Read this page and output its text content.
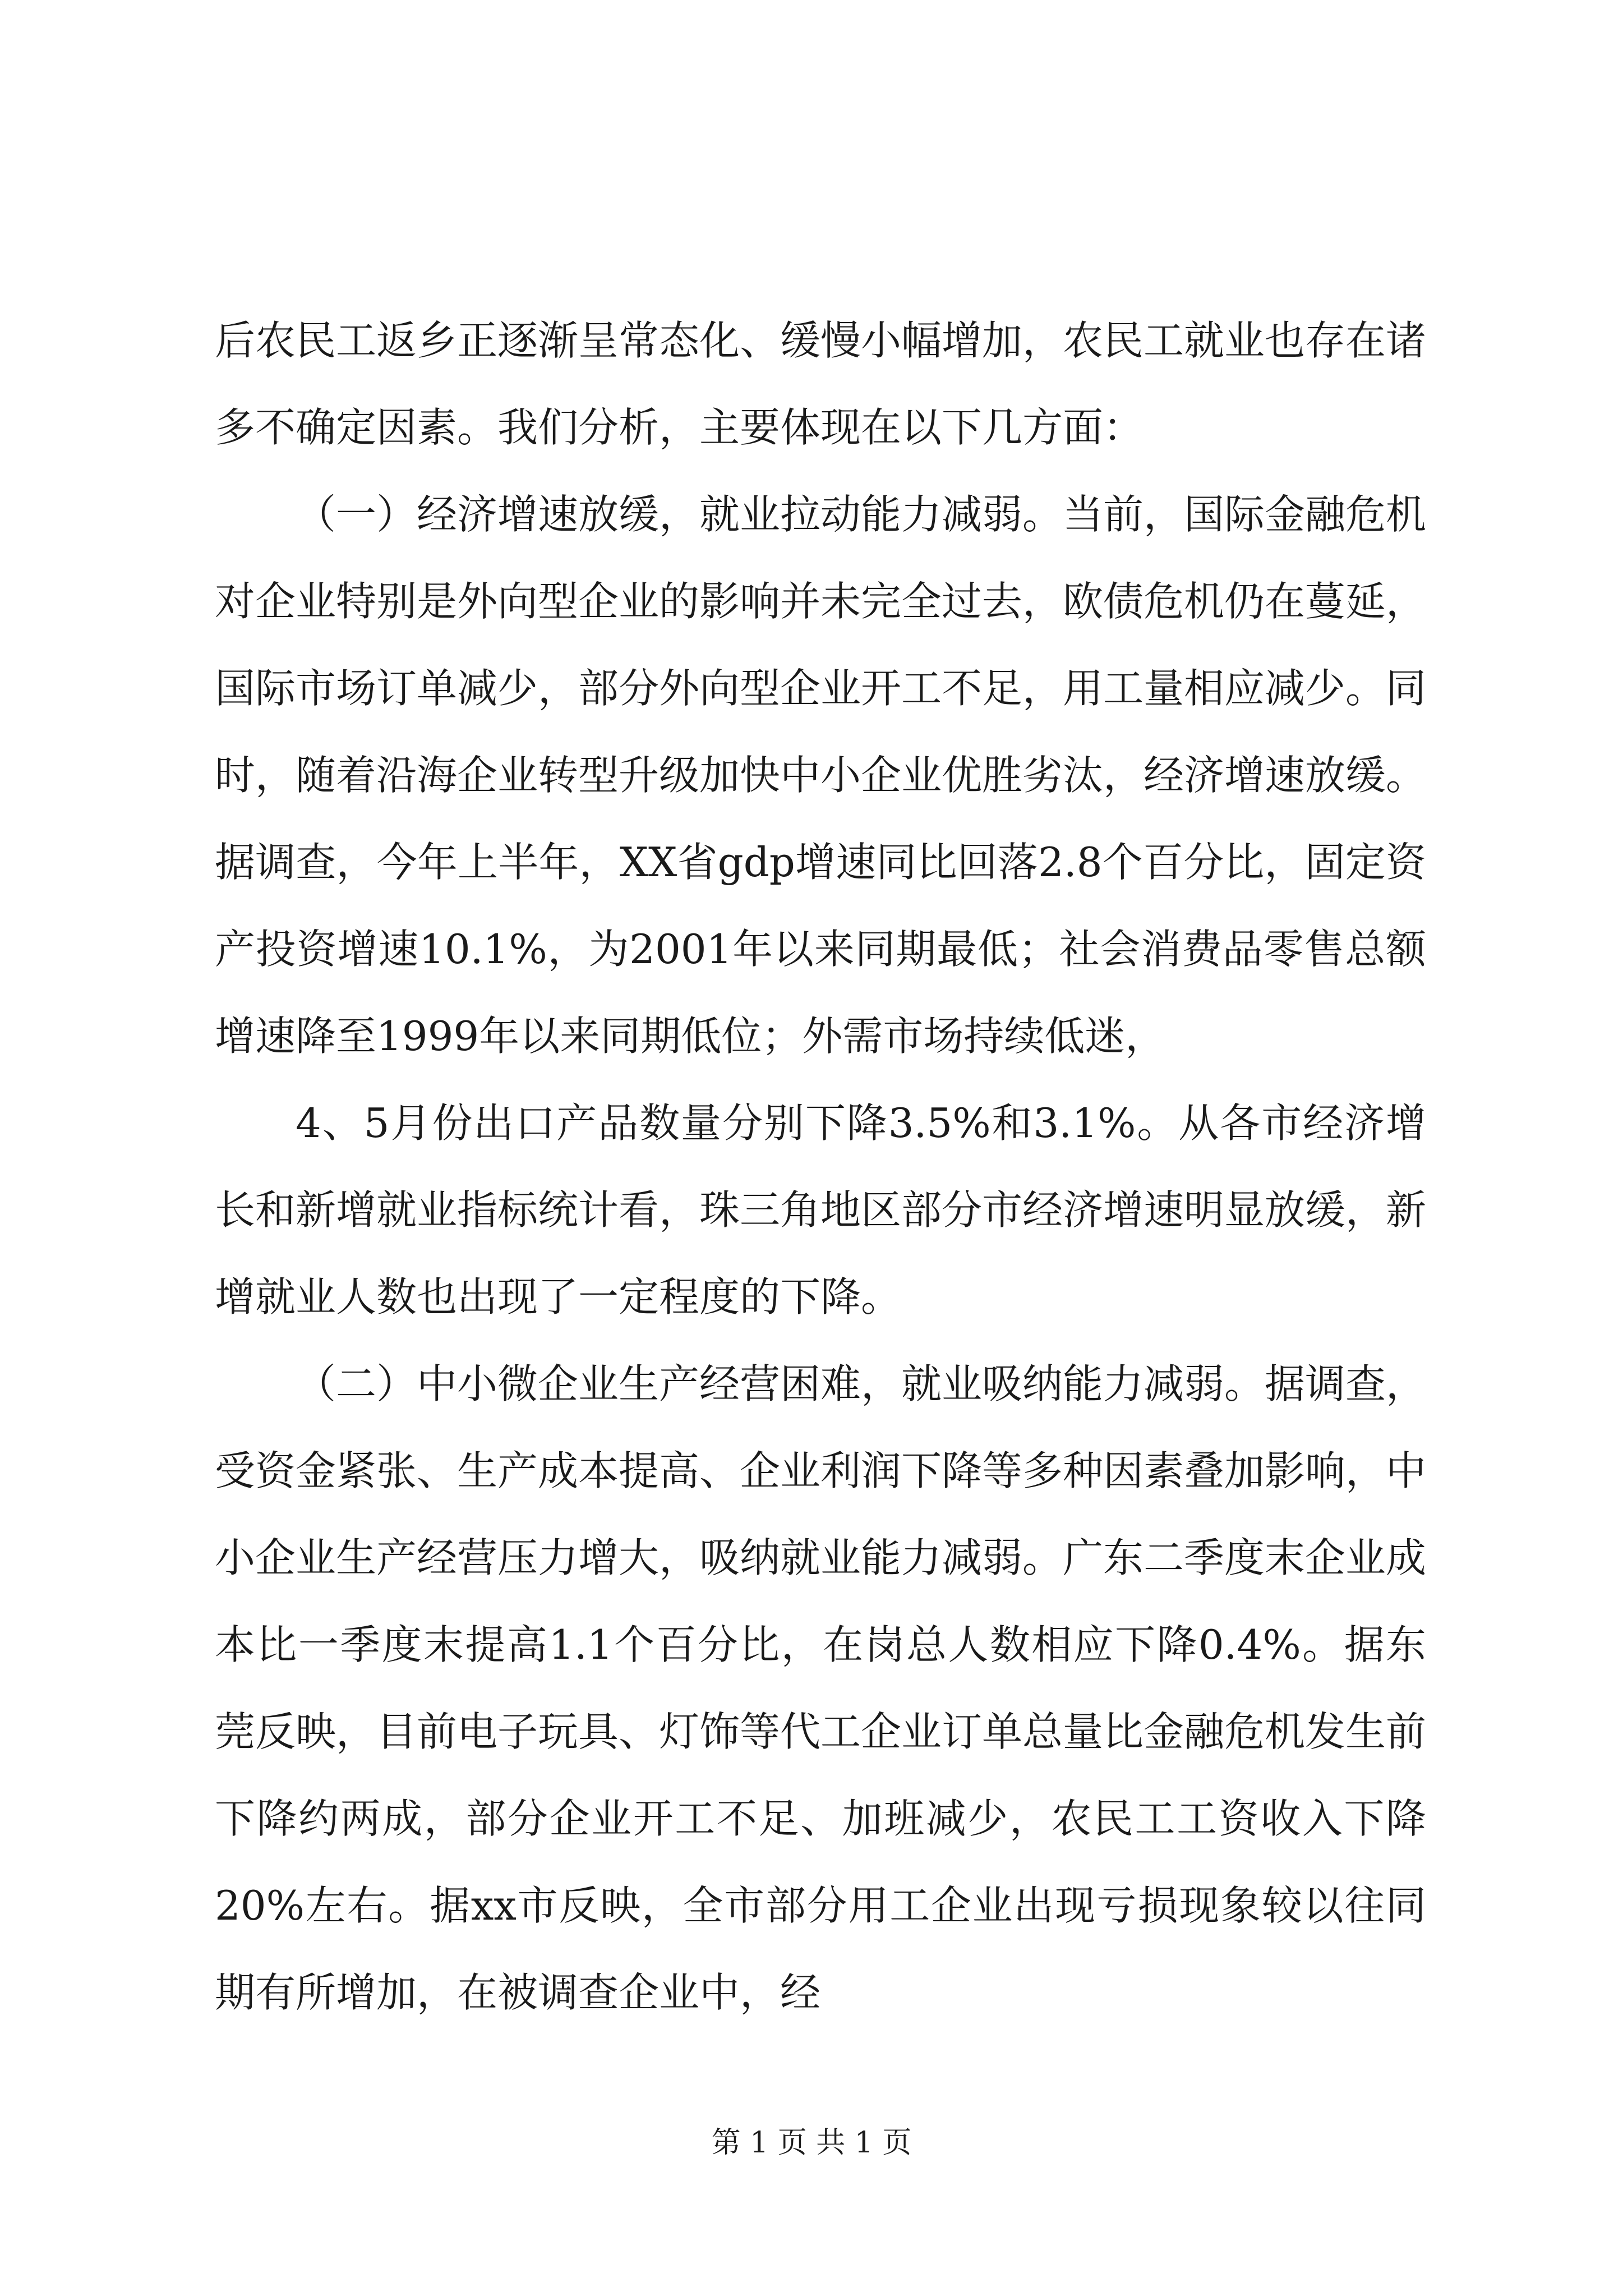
后农民工返乡正逐渐呈常态化、缓慢小幅增加，农民工就业也存在诸多不确定因素。我们分析，主要体现在以下几方面：

（一）经济增速放缓，就业拉动能力减弱。当前，国际金融危机对企业特别是外向型企业的影响并未完全过去，欧债危机仍在蔓延，国际市场订单减少，部分外向型企业开工不足，用工量相应减少。同时，随着沿海企业转型升级加快中小企业优胜劣汰，经济增速放缓。据调查，今年上半年，XX省gdp增速同比回落2.8个百分比，固定资产投资增速10.1%，为2001年以来同期最低；社会消费品零售总额增速降至1999年以来同期低位；外需市场持续低迷，

4、5月份出口产品数量分别下降3.5%和3.1%。从各市经济增长和新增就业指标统计看，珠三角地区部分市经济增速明显放缓，新增就业人数也出现了一定程度的下降。

（二）中小微企业生产经营困难，就业吸纳能力减弱。据调查，受资金紧张、生产成本提高、企业利润下降等多种因素叠加影响，中小企业生产经营压力增大，吸纳就业能力减弱。广东二季度末企业成本比一季度末提高1.1个百分比，在岗总人数相应下降0.4%。据东莞反映，目前电子玩具、灯饰等代工企业订单总量比金融危机发生前下降约两成，部分企业开工不足、加班减少，农民工工资收入下降20%左右。据xx市反映，全市部分用工企业出现亏损现象较以往同期有所增加，在被调查企业中，经

第 1 页 共 1 页
